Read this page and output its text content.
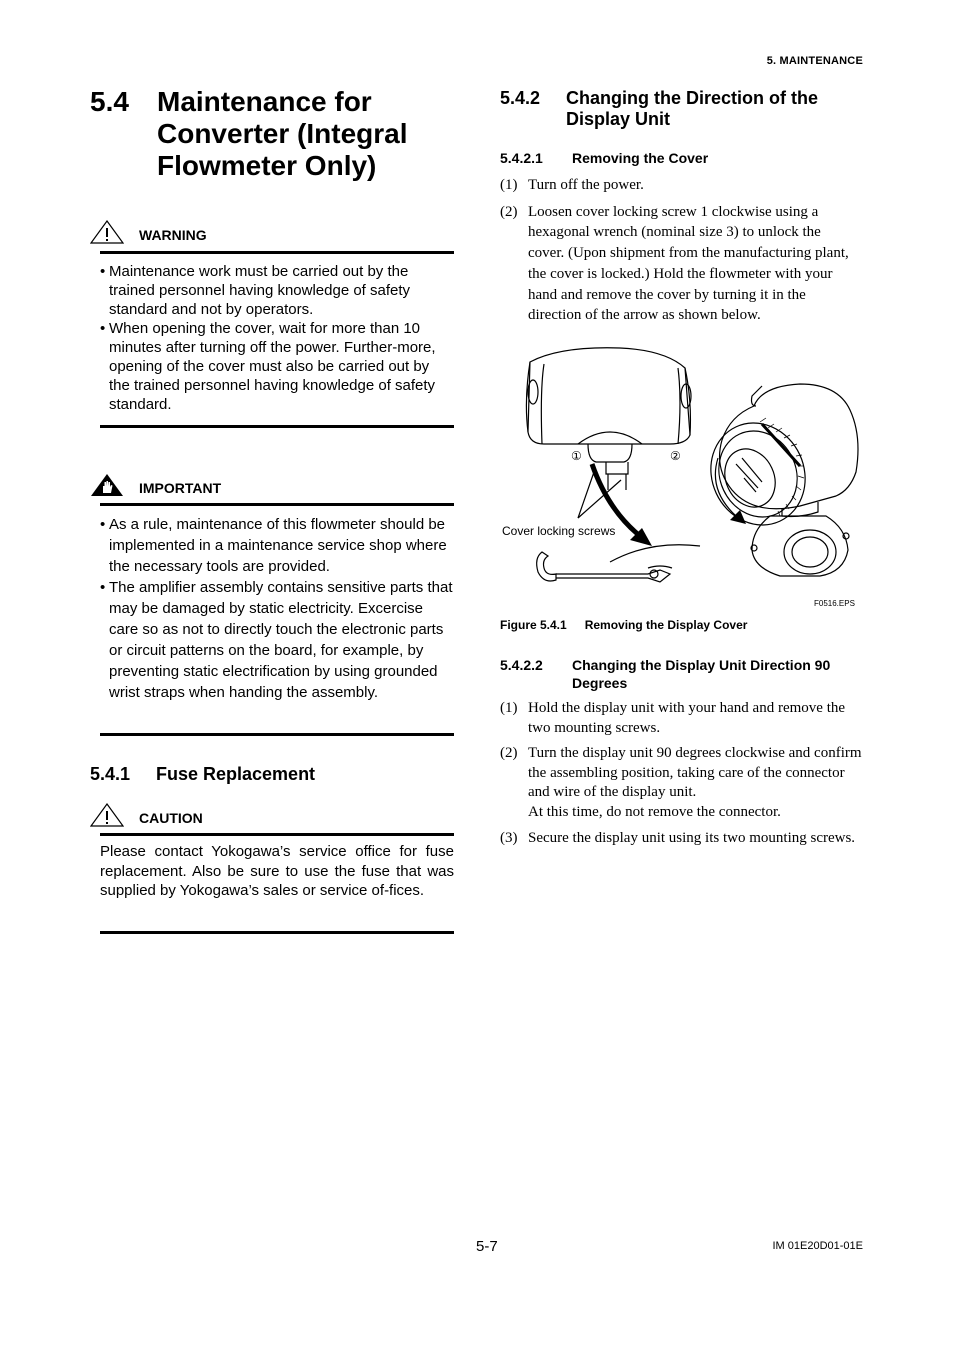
5. MAINTENANCE
5.4 Maintenance for Converter (Integral Flowmeter Only)
WARNING
• Maintenance work must be carried out by the trained personnel having knowledge of safety standard and not by operators.
• When opening the cover, wait for more than 10 minutes after turning off the power. Further-more, opening of the cover must also be carried out by the trained personnel having knowledge of safety standard.
IMPORTANT
• As a rule, maintenance of this flowmeter should be implemented in a maintenance service shop where the necessary tools are provided.
• The amplifier assembly contains sensitive parts that may be damaged by static electricity. Excercise care so as not to directly touch the electronic parts or circuit patterns on the board, for example, by preventing static electrification by using grounded wrist straps when handing the assembly.
5.4.1 Fuse Replacement
CAUTION
Please contact Yokogawa’s service office for fuse replacement. Also be sure to use the fuse that was supplied by Yokogawa’s sales or service of-fices.
5.4.2 Changing the Direction of the Display Unit
5.4.2.1 Removing the Cover
(1) Turn off the power.
(2) Loosen cover locking screw 1 clockwise using a hexagonal wrench (nominal size 3) to unlock the cover. (Upon shipment from the manufacturing plant, the cover is locked.) Hold the flowmeter with your hand and remove the cover by turning it in the direction of the arrow as shown below.
①	②
Cover locking screws
F0516.EPS
Figure 5.4.1 Removing the Display Cover
5.4.2.2 Changing the Display Unit Direction 90 Degrees
(1) Hold the display unit with your hand and remove the two mounting screws.
(2) Turn the display unit 90 degrees clockwise and confirm the assembling position, taking care of the connector and wire of the display unit.
At this time, do not remove the connector.
(3) Secure the display unit using its two mounting screws.
5-7	IM 01E20D01-01E
